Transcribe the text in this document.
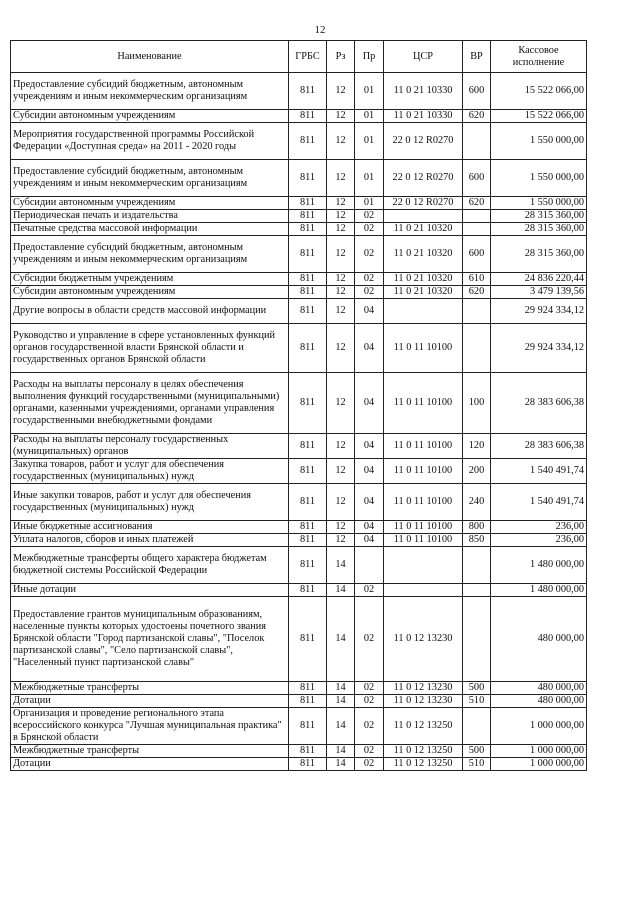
12
Наименование	ГРБС	Рз	Пр	ЦСР	ВР	Кассовое
исполнение
Предоставление субсидий бюджетным, автономным учреждениям и иным некоммерческим организациям	811	12	01	11 0 21 10330	600	15 522 066,00
Субсидии автономным учреждениям	811	12	01	11 0 21 10330	620	15 522 066,00
Мероприятия государственной программы Российской Федерации «Доступная среда» на 2011 - 2020 годы	811	12	01	22 0 12 R0270		1 550 000,00
Предоставление субсидий бюджетным, автономным учреждениям и иным некоммерческим организациям	811	12	01	22 0 12 R0270	600	1 550 000,00
Субсидии автономным учреждениям	811	12	01	22 0 12 R0270	620	1 550 000,00
Периодическая печать и издательства	811	12	02			28 315 360,00
Печатные средства массовой информации	811	12	02	11 0 21 10320		28 315 360,00
Предоставление субсидий бюджетным, автономным учреждениям и иным некоммерческим организациям	811	12	02	11 0 21 10320	600	28 315 360,00
Субсидии бюджетным учреждениям	811	12	02	11 0 21 10320	610	24 836 220,44
Субсидии автономным учреждениям	811	12	02	11 0 21 10320	620	3 479 139,56
Другие вопросы в области средств массовой информации	811	12	04			29 924 334,12
Руководство и управление в сфере установленных функций органов государственной власти Брянской области и государственных органов Брянской области	811	12	04	11 0 11 10100		29 924 334,12
Расходы на выплаты персоналу в целях обеспечения выполнения функций государственными (муниципальными) органами, казенными учреждениями, органами управления государственными внебюджетными фондами	811	12	04	11 0 11 10100	100	28 383 606,38
Расходы на выплаты персоналу государственных (муниципальных) органов	811	12	04	11 0 11 10100	120	28 383 606,38
Закупка товаров, работ и услуг для обеспечения государственных (муниципальных) нужд	811	12	04	11 0 11 10100	200	1 540 491,74
Иные закупки товаров, работ и услуг для обеспечения государственных (муниципальных) нужд	811	12	04	11 0 11 10100	240	1 540 491,74
Иные бюджетные ассигнования	811	12	04	11 0 11 10100	800	236,00
Уплата налогов, сборов и иных платежей	811	12	04	11 0 11 10100	850	236,00
Межбюджетные трансферты общего характера бюджетам бюджетной системы Российской Федерации	811	14				1 480 000,00
Иные дотации	811	14	02			1 480 000,00
Предоставление грантов муниципальным образованиям, населенные пункты которых удостоены почетного звания Брянской области "Город партизанской славы", "Поселок партизанской славы", "Село партизанской славы", "Населенный пункт партизанской славы"	811	14	02	11 0 12 13230		480 000,00
Межбюджетные трансферты	811	14	02	11 0 12 13230	500	480 000,00
Дотации	811	14	02	11 0 12 13230	510	480 000,00
Организация и проведение регионального этапа всероссийского конкурса "Лучшая муниципальная практика" в Брянской области	811	14	02	11 0 12 13250		1 000 000,00
Межбюджетные трансферты	811	14	02	11 0 12 13250	500	1 000 000,00
Дотации	811	14	02	11 0 12 13250	510	1 000 000,00
